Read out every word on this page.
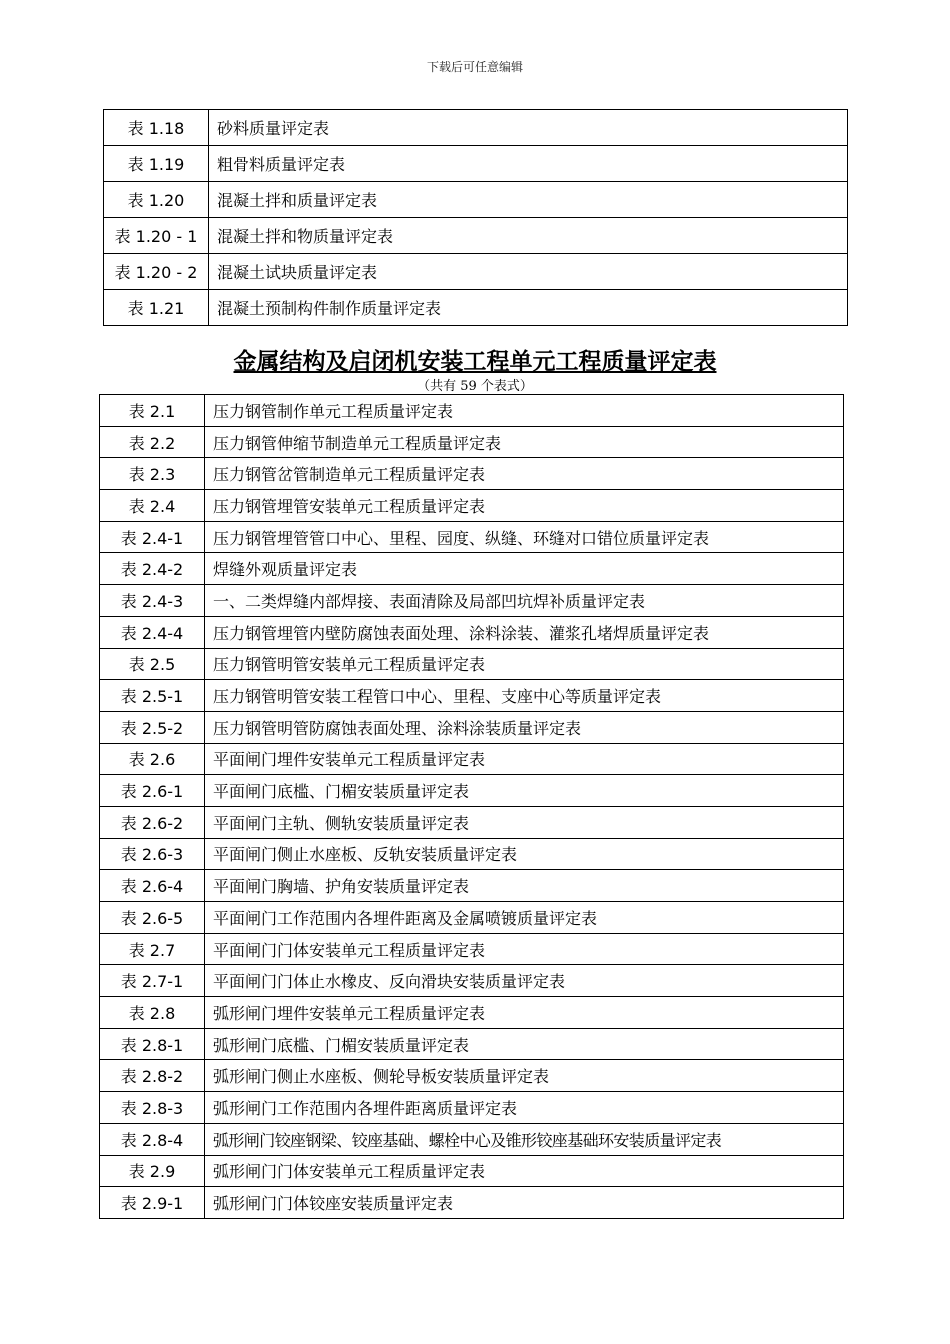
下载后可任意编辑
表 1.18	砂料质量评定表
表 1.19	粗骨料质量评定表
表 1.20	混凝土拌和质量评定表
表 1.20 - 1	混凝土拌和物质量评定表
表 1.20 - 2	混凝土试块质量评定表
表 1.21	混凝土预制构件制作质量评定表
金属结构及启闭机安装工程单元工程质量评定表
（共有 59 个表式）
表 2.1	压力钢管制作单元工程质量评定表
表 2.2	压力钢管伸缩节制造单元工程质量评定表
表 2.3	压力钢管岔管制造单元工程质量评定表
表 2.4	压力钢管埋管安装单元工程质量评定表
表 2.4-1	压力钢管埋管管口中心、里程、园度、纵缝、环缝对口错位质量评定表
表 2.4-2	焊缝外观质量评定表
表 2.4-3	一、二类焊缝内部焊接、表面清除及局部凹坑焊补质量评定表
表 2.4-4	压力钢管埋管内壁防腐蚀表面处理、涂料涂装、灌浆孔堵焊质量评定表
表 2.5	压力钢管明管安装单元工程质量评定表
表 2.5-1	压力钢管明管安装工程管口中心、里程、支座中心等质量评定表
表 2.5-2	压力钢管明管防腐蚀表面处理、涂料涂装质量评定表
表 2.6	平面闸门埋件安装单元工程质量评定表
表 2.6-1	平面闸门底槛、门楣安装质量评定表
表 2.6-2	平面闸门主轨、侧轨安装质量评定表
表 2.6-3	平面闸门侧止水座板、反轨安装质量评定表
表 2.6-4	平面闸门胸墙、护角安装质量评定表
表 2.6-5	平面闸门工作范围内各埋件距离及金属喷镀质量评定表
表 2.7	平面闸门门体安装单元工程质量评定表
表 2.7-1	平面闸门门体止水橡皮、反向滑块安装质量评定表
表 2.8	弧形闸门埋件安装单元工程质量评定表
表 2.8-1	弧形闸门底槛、门楣安装质量评定表
表 2.8-2	弧形闸门侧止水座板、侧轮导板安装质量评定表
表 2.8-3	弧形闸门工作范围内各埋件距离质量评定表
表 2.8-4	弧形闸门铰座钢梁、铰座基础、螺栓中心及锥形铰座基础环安装质量评定表
表 2.9	弧形闸门门体安装单元工程质量评定表
表 2.9-1	弧形闸门门体铰座安装质量评定表
